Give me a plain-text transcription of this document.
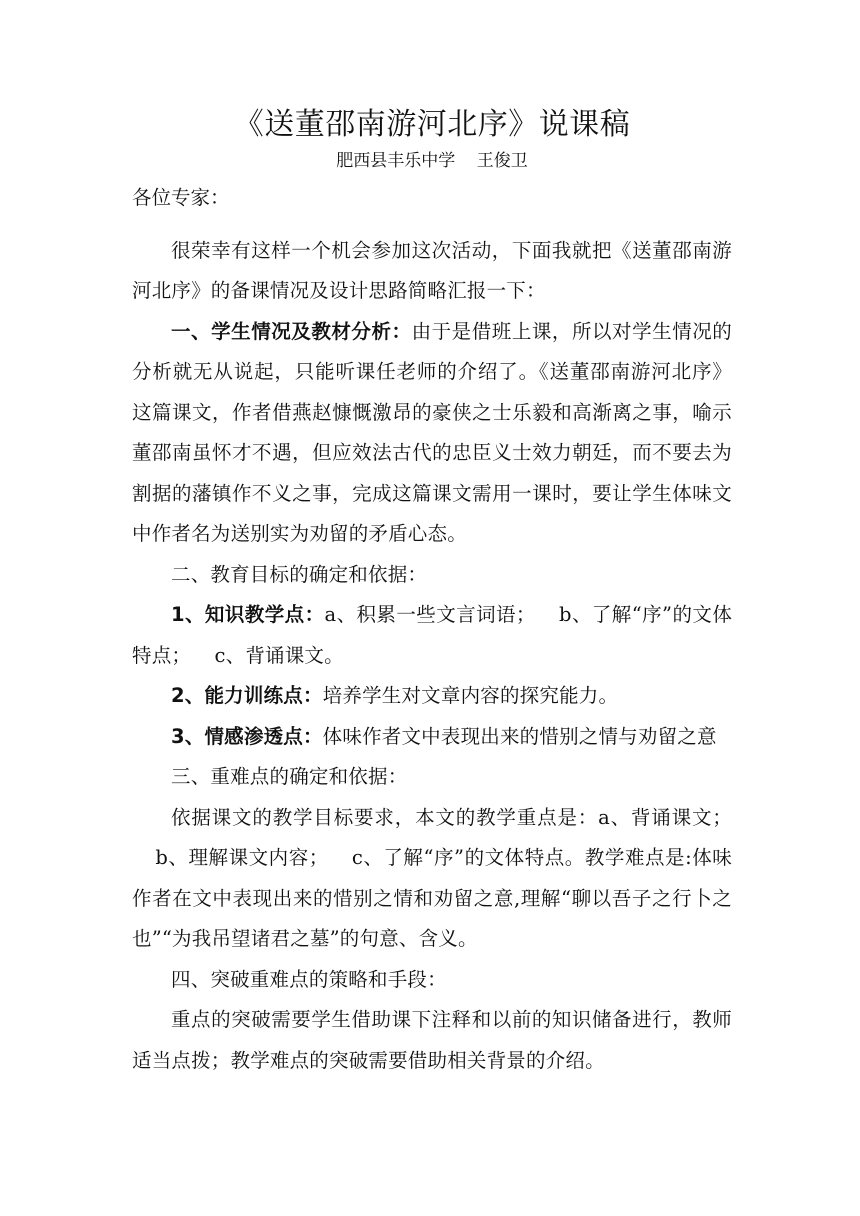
《送董邵南游河北序》说课稿
肥西县丰乐中学 王俊卫

各位专家：

很荣幸有这样一个机会参加这次活动，下面我就把《送董邵南游河北序》的备课情况及设计思路简略汇报一下：

一、学生情况及教材分析：由于是借班上课，所以对学生情况的分析就无从说起，只能听课任老师的介绍了。《送董邵南游河北序》这篇课文，作者借燕赵慷慨激昂的豪侠之士乐毅和高渐离之事，喻示董邵南虽怀才不遇，但应效法古代的忠臣义士效力朝廷，而不要去为割据的藩镇作不义之事，完成这篇课文需用一课时，要让学生体味文中作者名为送别实为劝留的矛盾心态。

二、教育目标的确定和依据：

1、知识教学点：a、积累一些文言词语； b、了解“序”的文体特点； c、背诵课文。

2、能力训练点：培养学生对文章内容的探究能力。

3、情感渗透点：体味作者文中表现出来的惜别之情与劝留之意

三、重难点的确定和依据：

依据课文的教学目标要求，本文的教学重点是：a、背诵课文；b、理解课文内容； c、了解“序”的文体特点。教学难点是:体味作者在文中表现出来的惜别之情和劝留之意,理解“聊以吾子之行卜之也”“为我吊望诸君之墓”的句意、含义。

四、突破重难点的策略和手段：

重点的突破需要学生借助课下注释和以前的知识储备进行，教师适当点拨；教学难点的突破需要借助相关背景的介绍。
